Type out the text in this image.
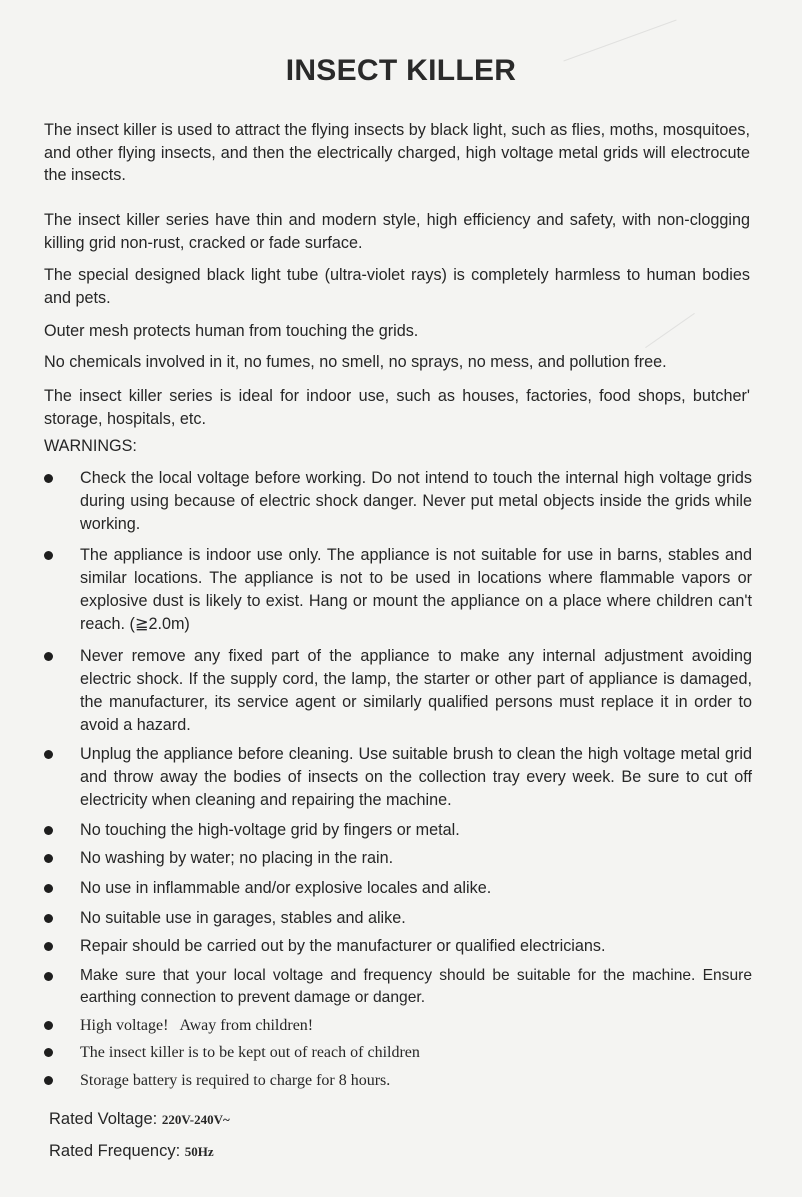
INSECT KILLER
The insect killer is used to attract the flying insects by black light, such as flies, moths, mosquitoes, and other flying insects, and then the electrically charged, high voltage metal grids will electrocute the insects.
The insect killer series have thin and modern style, high efficiency and safety, with non-clogging killing grid non-rust, cracked or fade surface.
The special designed black light tube (ultra-violet rays) is completely harmless to human bodies and pets.
Outer mesh protects human from touching the grids.
No chemicals involved in it, no fumes, no smell, no sprays, no mess, and pollution free.
The insect killer series is ideal for indoor use, such as houses, factories, food shops, butcher' storage, hospitals, etc.
WARNINGS:
Check the local voltage before working. Do not intend to touch the internal high voltage grids during using because of electric shock danger. Never put metal objects inside the grids while working.
The appliance is indoor use only. The appliance is not suitable for use in barns, stables and similar locations. The appliance is not to be used in locations where flammable vapors or explosive dust is likely to exist. Hang or mount the appliance on a place where children can't reach. (≧2.0m)
Never remove any fixed part of the appliance to make any internal adjustment avoiding electric shock. If the supply cord, the lamp, the starter or other part of appliance is damaged, the manufacturer, its service agent or similarly qualified persons must replace it in order to avoid a hazard.
Unplug the appliance before cleaning. Use suitable brush to clean the high voltage metal grid and throw away the bodies of insects on the collection tray every week. Be sure to cut off electricity when cleaning and repairing the machine.
No touching the high-voltage grid by fingers or metal.
No washing by water; no placing in the rain.
No use in inflammable and/or explosive locales and alike.
No suitable use in garages, stables and alike.
Repair should be carried out by the manufacturer or qualified electricians.
Make sure that your local voltage and frequency should be suitable for the machine. Ensure earthing connection to prevent damage or danger.
High voltage!   Away from children!
The insect killer is to be kept out of reach of children
Storage battery is required to charge for 8 hours.
Rated Voltage: 220V-240V~
Rated Frequency: 50Hz
